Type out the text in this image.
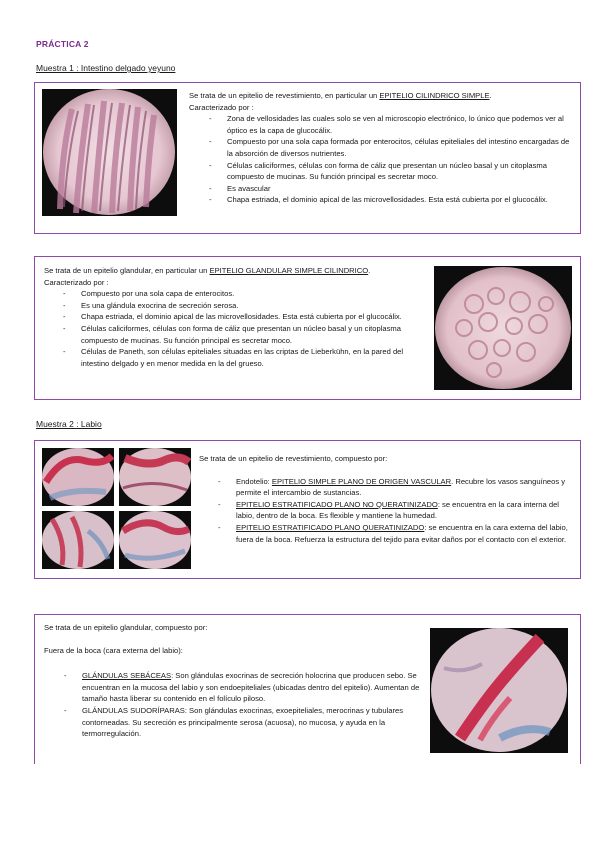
PRÁCTICA 2
Muestra 1 : Intestino delgado yeyuno
Se trata de un epitelio de revestimiento, en particular un EPITELIO CILINDRICO SIMPLE.
Caracterizado por :
- Zona de vellosidades las cuales solo se ven al microscopio electrónico, lo único que podemos ver al óptico es la capa de glucocálix.
- Compuesto por una sola capa formada por enterocitos, células epiteliales del intestino encargadas de la absorción de diversos nutrientes.
- Células caliciformes, células con forma de cáliz que presentan un núcleo basal y un citoplasma compuesto de mucinas. Su función principal es secretar moco.
- Es avascular
- Chapa estriada, el dominio apical de las microvellosidades. Esta está cubierta por el glucocálix.
Se trata de un epitelio glandular, en particular un EPITELIO GLANDULAR SIMPLE CILINDRICO.
Caracterizado por :
- Compuesto por una sola capa de enterocitos.
- Es una glándula exocrina de secreción serosa.
- Chapa estriada, el dominio apical de las microvellosidades. Esta está cubierta por el glucocálix.
- Células caliciformes, células con forma de cáliz que presentan un núcleo basal y un citoplasma compuesto de mucinas. Su función principal es secretar moco.
- Células de Paneth, son células epiteliales situadas en las criptas de Lieberkühn, en la pared del intestino delgado y en menor medida en la del grueso.
Muestra 2 : Labio
Se trata de un epitelio de revestimiento, compuesto por:
- Endotelio: EPITELIO SIMPLE PLANO DE ORIGEN VASCULAR. Recubre los vasos sanguíneos y permite el intercambio de sustancias.
- EPITELIO ESTRATIFICADO PLANO NO QUERATINIZADO: se encuentra en la cara interna del labio, dentro de la boca. Es flexible y mantiene la humedad.
- EPITELIO ESTRATIFICADO PLANO QUERATINIZADO: se encuentra en la cara externa del labio, fuera de la boca. Refuerza la estructura del tejido para evitar daños por el contacto con el exterior.
Se trata de un epitelio glandular, compuesto por:
Fuera de la boca (cara externa del labio):
- GLÁNDULAS SEBÁCEAS: Son glándulas exocrinas de secreción holocrina que producen sebo. Se encuentran en la mucosa del labio y son endoepiteliales (ubicadas dentro del epitelio). Aumentan de tamaño hasta liberar su contenido en el folículo piloso.
- GLÁNDULAS SUDORÍPARAS: Son glándulas exocrinas, exoepiteliales, merocrinas y tubulares contorneadas. Su secreción es principalmente serosa (acuosa), no mucosa, y ayuda en la termorregulación.
